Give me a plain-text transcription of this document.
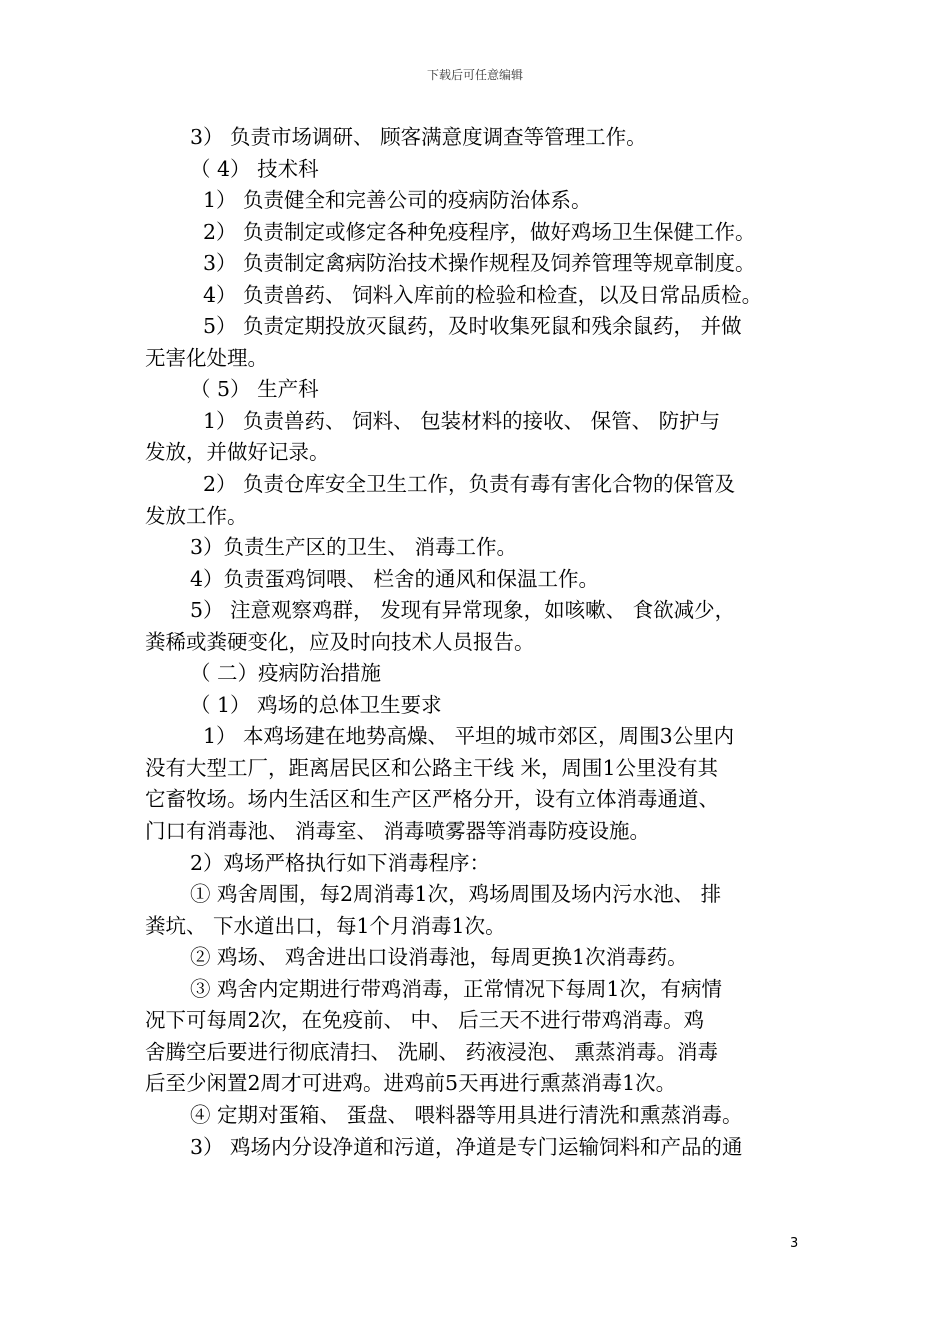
下载后可任意编辑
3） 负责市场调研、 顾客满意度调查等管理工作。
（ 4） 技术科
1） 负责健全和完善公司的疫病防治体系。
2） 负责制定或修定各种免疫程序，做好鸡场卫生保健工作。
3） 负责制定禽病防治技术操作规程及饲养管理等规章制度。
4） 负责兽药、 饲料入库前的检验和检查，以及日常品质检。
5） 负责定期投放灭鼠药，及时收集死鼠和残余鼠药， 并做
无害化处理。
（ 5） 生产科
1） 负责兽药、 饲料、 包装材料的接收、 保管、 防护与
发放，并做好记录。
2） 负责仓库安全卫生工作，负责有毒有害化合物的保管及
发放工作。
3）负责生产区的卫生、 消毒工作。
4）负责蛋鸡饲喂、 栏舍的通风和保温工作。
5） 注意观察鸡群， 发现有异常现象，如咳嗽、 食欲减少，
粪稀或粪硬变化，应及时向技术人员报告。
（ 二）疫病防治措施
（ 1） 鸡场的总体卫生要求
1） 本鸡场建在地势高燥、 平坦的城市郊区，周围3公里内
没有大型工厂，距离居民区和公路主干线 米，周围1公里没有其
它畜牧场。场内生活区和生产区严格分开，设有立体消毒通道、
门口有消毒池、 消毒室、 消毒喷雾器等消毒防疫设施。
2）鸡场严格执行如下消毒程序：
① 鸡舍周围，每2周消毒1次，鸡场周围及场内污水池、 排
粪坑、 下水道出口，每1个月消毒1次。
② 鸡场、 鸡舍进出口设消毒池，每周更换1次消毒药。
③ 鸡舍内定期进行带鸡消毒，正常情况下每周1次，有病情
况下可每周2次，在免疫前、 中、 后三天不进行带鸡消毒。鸡
舍腾空后要进行彻底清扫、 洗刷、 药液浸泡、 熏蒸消毒。消毒
后至少闲置2周才可进鸡。进鸡前5天再进行熏蒸消毒1次。
④ 定期对蛋箱、 蛋盘、 喂料器等用具进行清洗和熏蒸消毒。
3） 鸡场内分设净道和污道，净道是专门运输饲料和产品的通
3
